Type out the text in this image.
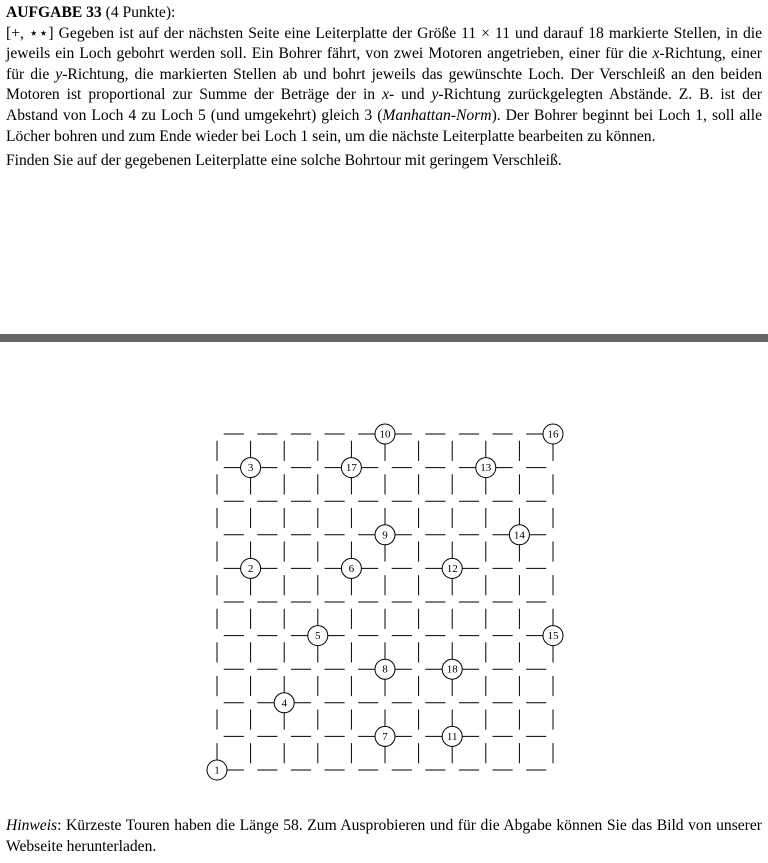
AUFGABE 33 (4 Punkte):
[+, ⋆⋆] Gegeben ist auf der nächsten Seite eine Leiterplatte der Größe 11 × 11 und darauf 18 markierte Stellen, in die jeweils ein Loch gebohrt werden soll. Ein Bohrer fährt, von zwei Motoren angetrieben, einer für die x-Richtung, einer für die y-Richtung, die markierten Stellen ab und bohrt jeweils das gewünschte Loch. Der Verschleiß an den beiden Motoren ist proportional zur Summe der Beträge der in x- und y-Richtung zurückgelegten Abstände. Z. B. ist der Abstand von Loch 4 zu Loch 5 (und umgekehrt) gleich 3 (Manhattan-Norm). Der Bohrer beginnt bei Loch 1, soll alle Löcher bohren und zum Ende wieder bei Loch 1 sein, um die nächste Leiterplatte bearbeiten zu können.

Finden Sie auf der gegebenen Leiterplatte eine solche Bohrtour mit geringem Verschleiß.

1
2
3
4
5
6
7
8
9
10
11
12
13
14
15
16
17
18

Hinweis: Kürzeste Touren haben die Länge 58. Zum Ausprobieren und für die Abgabe können Sie das Bild von unserer Webseite herunterladen.
